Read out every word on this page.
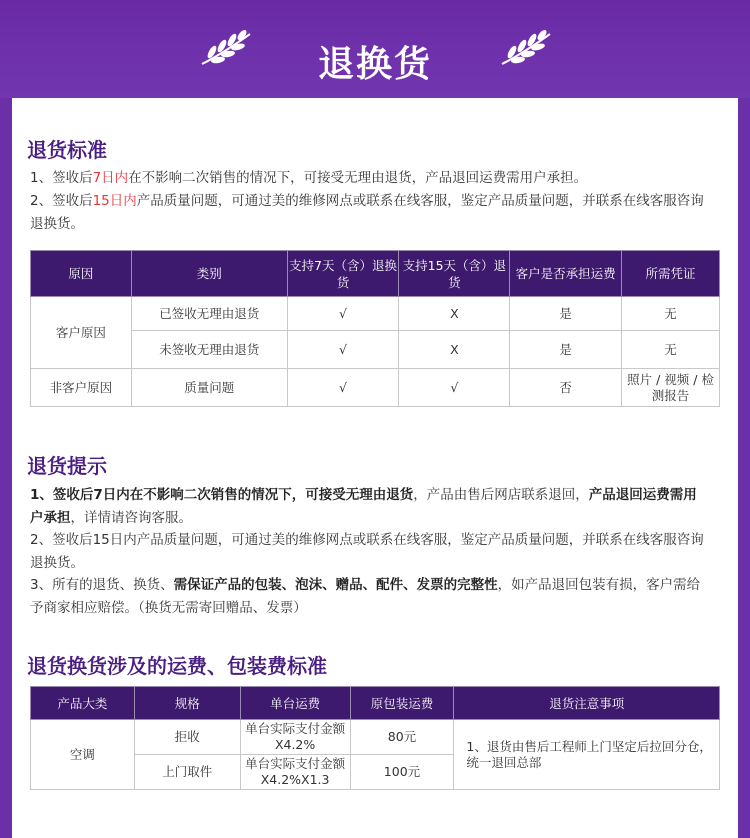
退换货
退货标准
1、签收后7日内在不影响二次销售的情况下，可接受无理由退货，产品退回运费需用户承担。
2、签收后15日内产品质量问题，可通过美的维修网点或联系在线客服，鉴定产品质量问题，并联系在线客服咨询退换货。
原因	类别	支持7天（含）退换货	支持15天（含）退货	客户是否承担运费	所需凭证
客户原因	已签收无理由退货	√	X	是	无
	未签收无理由退货	√	X	是	无
非客户原因	质量问题	√	√	否	照片 / 视频 / 检测报告
退货提示
1、签收后7日内在不影响二次销售的情况下，可接受无理由退货，产品由售后网店联系退回，产品退回运费需用户承担，详情请咨询客服。
2、签收后15日内产品质量问题，可通过美的维修网点或联系在线客服，鉴定产品质量问题，并联系在线客服咨询退换货。
3、所有的退货、换货、需保证产品的包装、泡沫、赠品、配件、发票的完整性，如产品退回包装有损，客户需给予商家相应赔偿。（换货无需寄回赠品、发票）
退货换货涉及的运费、包装费标准
产品大类	规格	单台运费	原包装运费	退货注意事项
空调	拒收	单台实际支付金额X4.2%	80元	1、退货由售后工程师上门坚定后拉回分仓，统一退回总部
	上门取件	单台实际支付金额X4.2%X1.3	100元	
